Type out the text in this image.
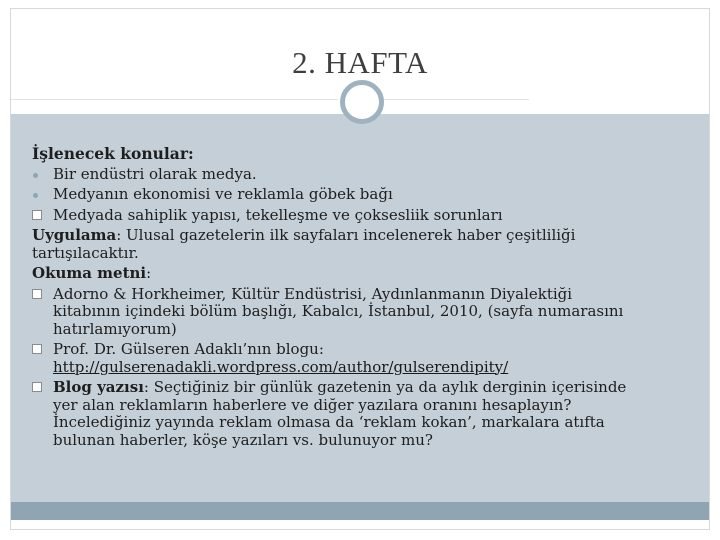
2. HAFTA
İşlenecek konular:
Bir endüstri olarak medya.
Medyanın ekonomisi ve reklamla göbek bağı
Medyada sahiplik yapısı, tekelleşme ve çoksesliik sorunları
Uygulama: Ulusal gazetelerin ilk sayfaları incelenerek haber çeşitliliği
tartışılacaktır.
Okuma metni:
Adorno & Horkheimer, Kültür Endüstrisi, Aydınlanmanın Diyalektiği
kitabının içindeki bölüm başlığı, Kabalcı, İstanbul, 2010, (sayfa numarasını
hatırlamıyorum)
Prof. Dr. Gülseren Adaklı’nın blogu:
http://gulserenadakli.wordpress.com/author/gulserendipity/
Blog yazısı: Seçtiğiniz bir günlük gazetenin ya da aylık derginin içerisinde
yer alan reklamların haberlere ve diğer yazılara oranını hesaplayın?
İncelediğiniz yayında reklam olmasa da ‘reklam kokan’, markalara atıfta
bulunan haberler, köşe yazıları vs. bulunuyor mu?
